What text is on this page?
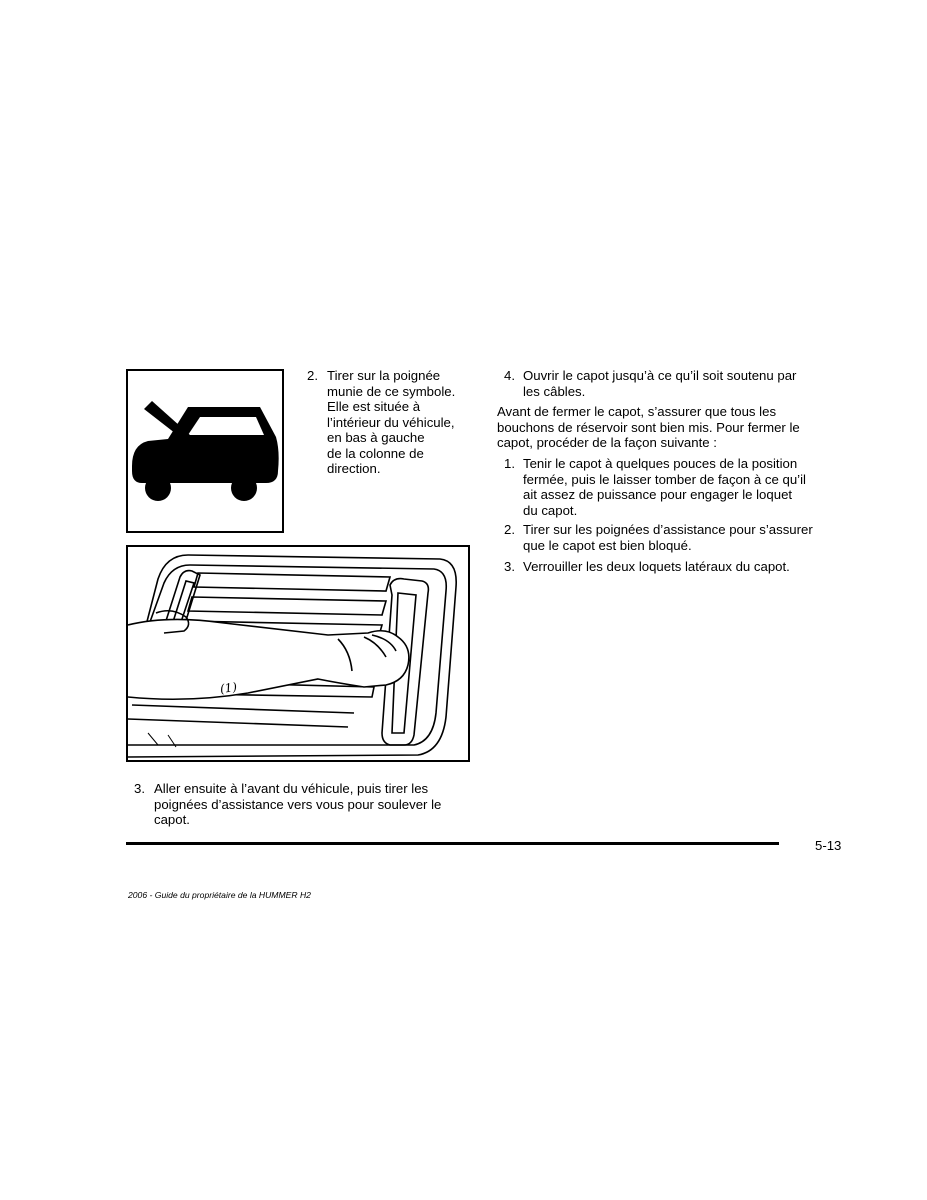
2. Tirer sur la poignée
munie de ce symbole.
Elle est située à
l’intérieur du véhicule,
en bas à gauche
de la colonne de
direction.
(1)
3. Aller ensuite à l’avant du véhicule, puis tirer les
poignées d’assistance vers vous pour soulever le
capot.
4. Ouvrir le capot jusqu’à ce qu’il soit soutenu par
les câbles.
Avant de fermer le capot, s’assurer que tous les
bouchons de réservoir sont bien mis. Pour fermer le
capot, procéder de la façon suivante :
1. Tenir le capot à quelques pouces de la position
fermée, puis le laisser tomber de façon à ce qu’il
ait assez de puissance pour engager le loquet
du capot.
2. Tirer sur les poignées d’assistance pour s’assurer
que le capot est bien bloqué.
3. Verrouiller les deux loquets latéraux du capot.
5-13
2006 - Guide du propriétaire de la HUMMER H2
